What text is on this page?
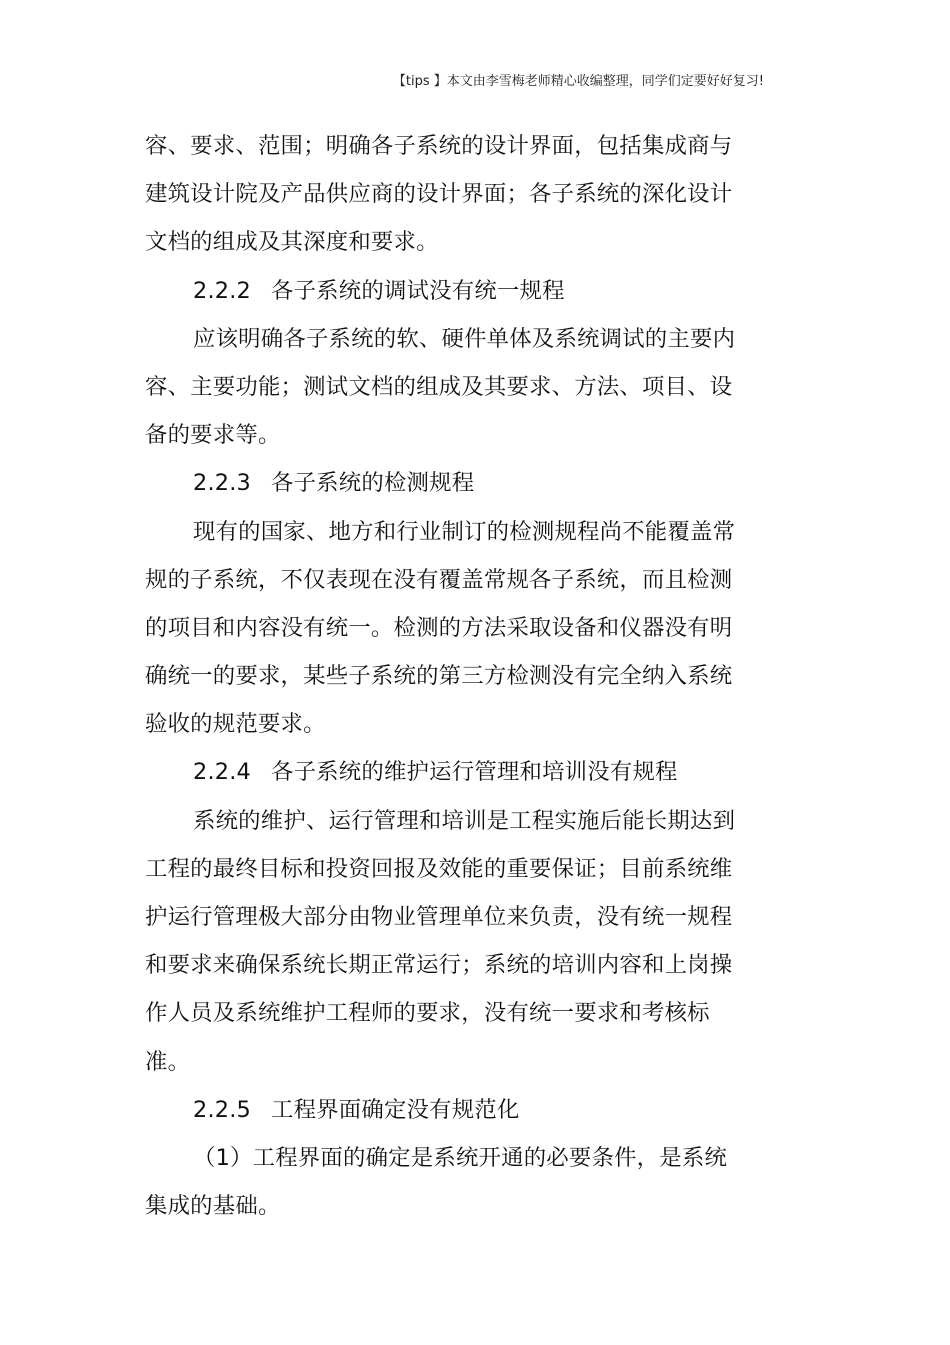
【tips 】本文由李雪梅老师精心收编整理，同学们定要好好复习!
容、要求、范围；明确各子系统的设计界面，包括集成商与
建筑设计院及产品供应商的设计界面；各子系统的深化设计
文档的组成及其深度和要求。
2.2.2 各子系统的调试没有统一规程
应该明确各子系统的软、硬件单体及系统调试的主要内
容、主要功能；测试文档的组成及其要求、方法、项目、设
备的要求等。
2.2.3 各子系统的检测规程
现有的国家、地方和行业制订的检测规程尚不能覆盖常
规的子系统，不仅表现在没有覆盖常规各子系统，而且检测
的项目和内容没有统一。检测的方法采取设备和仪器没有明
确统一的要求，某些子系统的第三方检测没有完全纳入系统
验收的规范要求。
2.2.4 各子系统的维护运行管理和培训没有规程
系统的维护、运行管理和培训是工程实施后能长期达到
工程的最终目标和投资回报及效能的重要保证；目前系统维
护运行管理极大部分由物业管理单位来负责，没有统一规程
和要求来确保系统长期正常运行；系统的培训内容和上岗操
作人员及系统维护工程师的要求，没有统一要求和考核标
准。
2.2.5 工程界面确定没有规范化
（1）工程界面的确定是系统开通的必要条件，是系统
集成的基础。
